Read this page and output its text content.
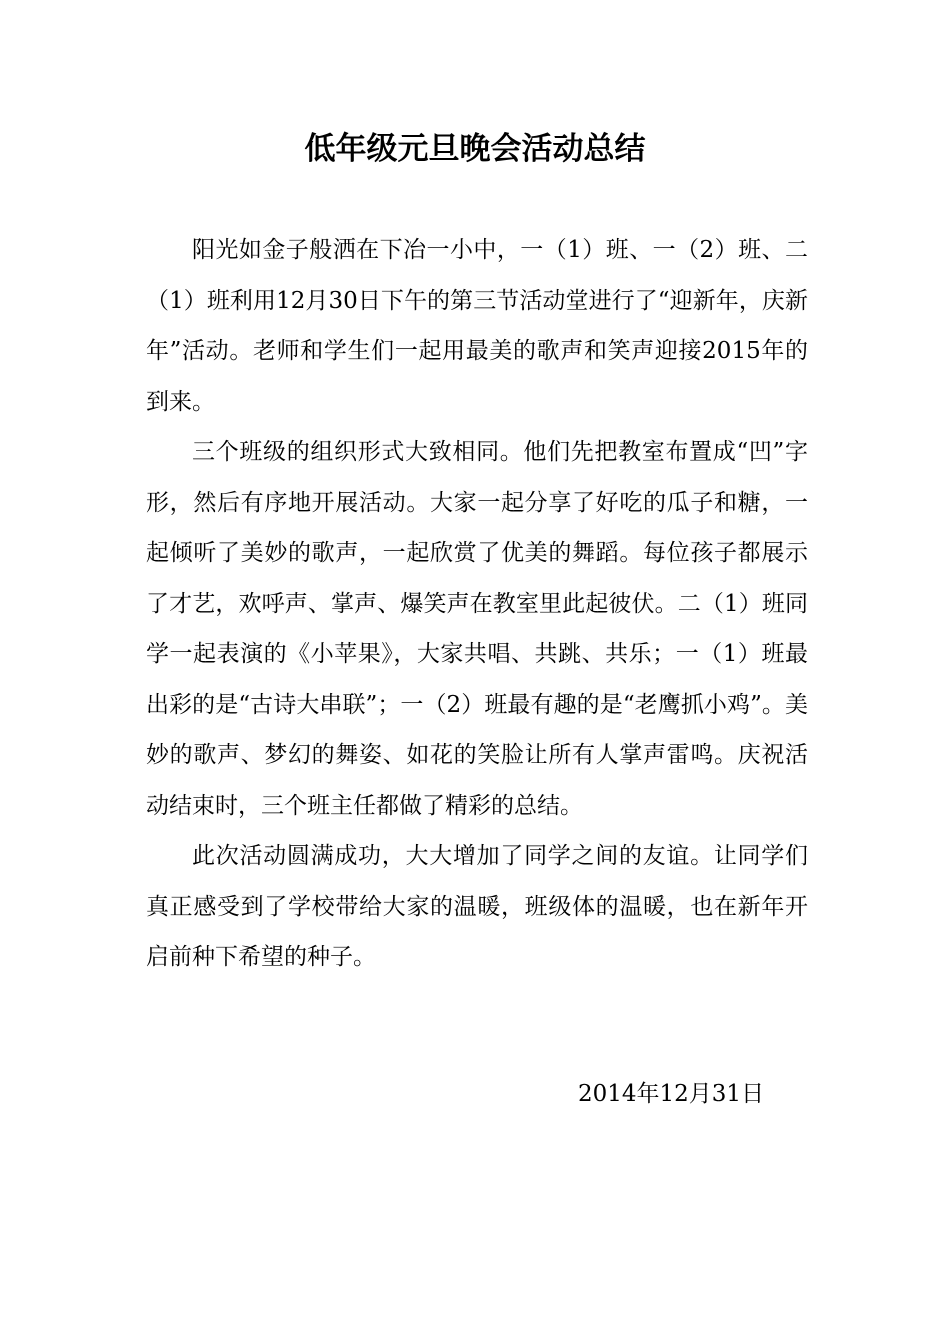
低年级元旦晚会活动总结

阳光如金子般洒在下冶一小中，一（1）班、一（2）班、二（1）班利用12月30日下午的第三节活动堂进行了“迎新年，庆新年”活动。老师和学生们一起用最美的歌声和笑声迎接2015年的到来。

三个班级的组织形式大致相同。他们先把教室布置成“凹”字形，然后有序地开展活动。大家一起分享了好吃的瓜子和糖，一起倾听了美妙的歌声，一起欣赏了优美的舞蹈。每位孩子都展示了才艺，欢呼声、掌声、爆笑声在教室里此起彼伏。二（1）班同学一起表演的《小苹果》，大家共唱、共跳、共乐；一（1）班最出彩的是“古诗大串联”；一（2）班最有趣的是“老鹰抓小鸡”。美妙的歌声、梦幻的舞姿、如花的笑脸让所有人掌声雷鸣。庆祝活动结束时，三个班主任都做了精彩的总结。

此次活动圆满成功，大大增加了同学之间的友谊。让同学们真正感受到了学校带给大家的温暖，班级体的温暖，也在新年开启前种下希望的种子。

2014年12月31日
